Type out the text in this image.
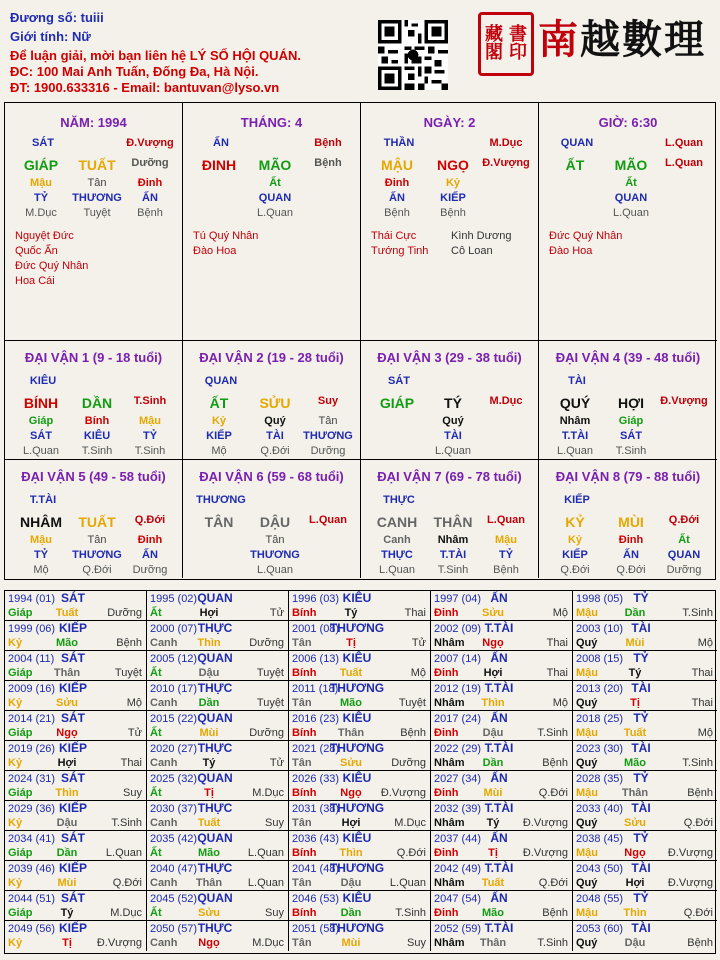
Đương số: tuiii
Giới tính: Nữ
Để luận giải, mời bạn liên hệ LÝ SỐ HỘI QUÁN.
ĐC: 100 Mai Anh Tuấn, Đống Đa, Hà Nội.
ĐT: 1900.633316 - Email: bantuvan@lyso.vn
藏 書
閣 印 南越數理
NĂM: 1994
SÁT	Đ.Vượng
GIÁP TUẤT Dưỡng
Mậu	Tân	Đinh
TỶ THƯƠNG ẤN
M.Dục Tuyệt Bệnh
Nguyệt Đức
Quốc Ấn
Đức Quý Nhân
Hoa Cái
THÁNG: 4
ẤN	Bệnh
ĐINH MÃO Bệnh
Ất
QUAN
L.Quan
Tú Quý Nhân
Đào Hoa
NGÀY: 2
THẦN	M.Dục
MẬU NGỌ Đ.Vượng
Đinh	Kỷ
ẤN	KIẾP
Bệnh	Bệnh
Thái Cực	Kình Dương
Tướng Tinh Cô Loan
GIỜ: 6:30
QUAN	L.Quan
ẤT MÃO L.Quan
Ất
QUAN
L.Quan
Đức Quý Nhân
Đào Hoa
ĐẠI VẬN 1 (9 - 18 tuổi)
KIÊU
BÍNH DẦN T.Sinh
Giáp	Bính	Mậu
SÁT	KIÊU	TỶ
L.Quan T.Sinh T.Sinh
ĐẠI VẬN 2 (19 - 28 tuổi)
QUAN
ẤT SỬU Suy
Kỷ	Quý	Tân
KIẾP	TÀI THƯƠNG
Mộ	Q.Đới Dưỡng
ĐẠI VẬN 3 (29 - 38 tuổi)
SÁT
GIÁP TÝ	M.Dục
Quý
TÀI
L.Quan
ĐẠI VẬN 4 (39 - 48 tuổi)
TÀI
QUÝ HỢI Đ.Vượng
Nhâm	Giáp
T.TÀI	SÁT
L.Quan T.Sinh
ĐẠI VẬN 5 (49 - 58 tuổi)
T.TÀI
NHÂM TUẤT Q.Đới
Mậu	Tân	Đinh
TỶ THƯƠNG ẤN
Mộ	Q.Đới Dưỡng
ĐẠI VẬN 6 (59 - 68 tuổi)
THƯƠNG
TÂN DẬU L.Quan
Tân
THƯƠNG
L.Quan
ĐẠI VẬN 7 (69 - 78 tuổi)
THỰC
CANH THÂN L.Quan
Canh Nhâm Mậu
THỰC T.TÀI	TỶ
L.Quan T.Sinh Bệnh
ĐẠI VẬN 8 (79 - 88 tuổi)
KIẾP
KỶ MÙI Q.Đới
Kỷ	Đinh	Ất
KIẾP	ẤN	QUAN
Q.Đới Q.Đới Dưỡng
1994 (01) SÁT
Giáp Tuất	Dưỡng
1995 (02) QUAN
Ất	Hợi	Tử
1996 (03) KIÊU
Bính	Tý	Thai
1997 (04) ẤN
Đinh Sửu	Mộ
1998 (05) TỶ
Mậu Dần	T.Sinh
1999 (06) KIẾP
Kỷ	Mão	Bệnh
2000 (07) THỰC
Canh Thìn	Dưỡng
2001 (08)
THƯƠNG
Tân	Tị	Tử
2002 (09) T.TÀI
Nhâm Ngọ	Thai
2003 (10) TÀI
Quý	Mùi	Mộ
2004 (11) SÁT
Giáp Thân	Tuyệt
2005 (12) QUAN
Ất	Dậu	Tuyệt
2006 (13) KIÊU
Bính Tuất	Mộ
2007 (14) ẤN
Đinh Hợi	Thai
2008 (15) TỶ
Mậu	Tý	Thai
2009 (16) KIẾP
Kỷ	Sửu	Mộ
2010 (17) THỰC
Canh Dần	Tuyệt
2011 (18)
THƯƠNG
Tân	Mão	Tuyệt
2012 (19) T.TÀI
Nhâm Thìn	Mộ
2013 (20) TÀI
Quý	Tị	Thai
2014 (21) SÁT
Giáp Ngọ	Tử
2015 (22) QUAN
Ất	Mùi	Dưỡng
2016 (23) KIÊU
Bính Thân	Bệnh
2017 (24) ẤN
Đinh Dậu	T.Sinh
2018 (25) TỶ
Mậu Tuất	Mộ
2019 (26) KIẾP
Kỷ	Hợi	Thai
2020 (27) THỰC
Canh Tý	Tử
2021 (28)
THƯƠNG
Tân	Sửu	Dưỡng
2022 (29) T.TÀI
Nhâm Dần	Bệnh
2023 (30) TÀI
Quý Mão	T.Sinh
2024 (31) SÁT
Giáp Thìn	Suy
2025 (32) QUAN
Ất	Tị	M.Dục
2026 (33) KIÊU
Bính Ngọ Đ.Vượng
2027 (34) ẤN
Đinh Mùi	Q.Đới
2028 (35) TỶ
Mậu Thân	Bệnh
2029 (36) KIẾP
Kỷ	Dậu	T.Sinh
2030 (37) THỰC
Canh Tuất	Suy
2031 (38)
THƯƠNG
Tân	Hợi	M.Dục
2032 (39) T.TÀI
Nhâm Tý Đ.Vượng
2033 (40) TÀI
Quý Sửu	Q.Đới
2034 (41) SÁT
Giáp Dần	L.Quan
2035 (42) QUAN
Ất	Mão	L.Quan
2036 (43) KIÊU
Bính Thìn	Q.Đới
2037 (44) ẤN
Đinh	Tị Đ.Vượng
2038 (45) TỶ
Mậu Ngọ Đ.Vượng
2039 (46) KIẾP
Kỷ	Mùi	Q.Đới
2040 (47) THỰC
Canh Thân L.Quan
2041 (48)
THƯƠNG
Tân	Dậu	L.Quan
2042 (49) T.TÀI
Nhâm Tuất	Q.Đới
2043 (50) TÀI
Quý	Hợi Đ.Vượng
2044 (51) SÁT
Giáp	Tý	M.Dục
2045 (52) QUAN
Ất	Sửu	Suy
2046 (53) KIÊU
Bính Dần	T.Sinh
2047 (54) ẤN
Đinh Mão	Bệnh
2048 (55) TỶ
Mậu Thìn	Q.Đới
2049 (56) KIẾP
Kỷ	Tị Đ.Vượng
2050 (57) THỰC
Canh Ngọ	M.Dục
2051 (58)
THƯƠNG
Tân	Mùi	Suy
2052 (59) T.TÀI
Nhâm Thân	T.Sinh
2053 (60) TÀI
Quý Dậu	Bệnh
